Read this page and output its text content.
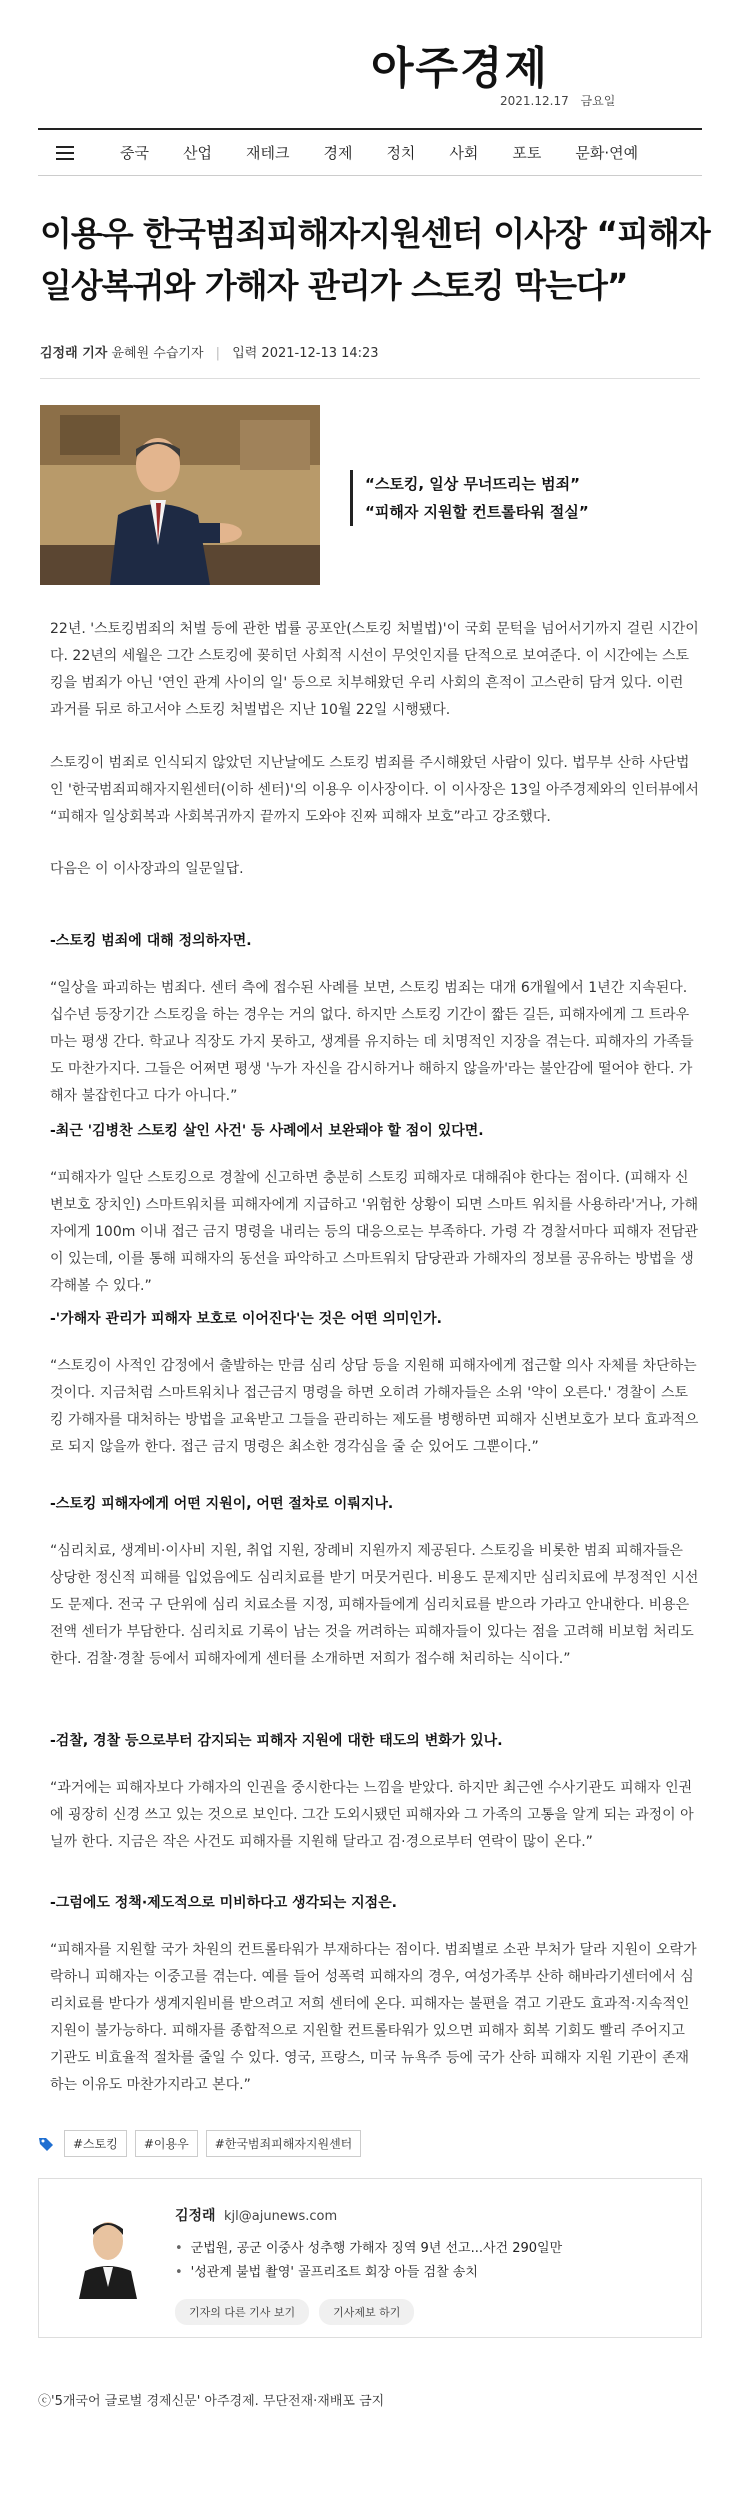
아주경제
2021.12.17 금요일
중국 산업 재테크 경제 정치 사회 포토 문화·연예
이용우 한국범죄피해자지원센터 이사장 “피해자 일상복귀와 가해자 관리가 스토킹 막는다”
김정래 기자 윤혜원 수습기자 | 입력 2021-12-13 14:23
“스토킹, 일상 무너뜨리는 범죄”
“피해자 지원할 컨트롤타워 절실”

22년. '스토킹범죄의 처벌 등에 관한 법률 공포안(스토킹 처벌법)'이 국회 문턱을 넘어서기까지 걸린 시간이다. 22년의 세월은 그간 스토킹에 꽂히던 사회적 시선이 무엇인지를 단적으로 보여준다. 이 시간에는 스토킹을 범죄가 아닌 '연인 관계 사이의 일' 등으로 치부해왔던 우리 사회의 흔적이 고스란히 담겨 있다. 이런 과거를 뒤로 하고서야 스토킹 처벌법은 지난 10월 22일 시행됐다.

스토킹이 범죄로 인식되지 않았던 지난날에도 스토킹 범죄를 주시해왔던 사람이 있다. 법무부 산하 사단법인 '한국범죄피해자지원센터(이하 센터)'의 이용우 이사장이다. 이 이사장은 13일 아주경제와의 인터뷰에서 “피해자 일상회복과 사회복귀까지 끝까지 도와야 진짜 피해자 보호”라고 강조했다.

다음은 이 이사장과의 일문일답.

-스토킹 범죄에 대해 정의하자면.

“일상을 파괴하는 범죄다. 센터 측에 접수된 사례를 보면, 스토킹 범죄는 대개 6개월에서 1년간 지속된다. 십수년 등장기간 스토킹을 하는 경우는 거의 없다. 하지만 스토킹 기간이 짧든 길든, 피해자에게 그 트라우마는 평생 간다. 학교나 직장도 가지 못하고, 생계를 유지하는 데 치명적인 지장을 겪는다. 피해자의 가족들도 마찬가지다. 그들은 어쩌면 평생 '누가 자신을 감시하거나 해하지 않을까'라는 불안감에 떨어야 한다. 가해자 불잡힌다고 다가 아니다.”

-최근 '김병찬 스토킹 살인 사건' 등 사례에서 보완돼야 할 점이 있다면.

“피해자가 일단 스토킹으로 경찰에 신고하면 충분히 스토킹 피해자로 대해줘야 한다는 점이다. (피해자 신변보호 장치인) 스마트워치를 피해자에게 지급하고 '위험한 상황이 되면 스마트 워치를 사용하라'거나, 가해자에게 100m 이내 접근 금지 명령을 내리는 등의 대응으로는 부족하다. 가령 각 경찰서마다 피해자 전담관이 있는데, 이를 통해 피해자의 동선을 파악하고 스마트워치 담당관과 가해자의 정보를 공유하는 방법을 생각해볼 수 있다.”

-'가해자 관리가 피해자 보호로 이어진다'는 것은 어떤 의미인가.

“스토킹이 사적인 감정에서 출발하는 만큼 심리 상담 등을 지원해 피해자에게 접근할 의사 자체를 차단하는 것이다. 지금처럼 스마트워치나 접근금지 명령을 하면 오히려 가해자들은 소위 '약이 오른다.' 경찰이 스토킹 가해자를 대처하는 방법을 교육받고 그들을 관리하는 제도를 병행하면 피해자 신변보호가 보다 효과적으로 되지 않을까 한다. 접근 금지 명령은 최소한 경각심을 줄 순 있어도 그뿐이다.”

-스토킹 피해자에게 어떤 지원이, 어떤 절차로 이뤄지나.

“심리치료, 생계비·이사비 지원, 취업 지원, 장례비 지원까지 제공된다. 스토킹을 비롯한 범죄 피해자들은 상당한 정신적 피해를 입었음에도 심리치료를 받기 머뭇거린다. 비용도 문제지만 심리치료에 부정적인 시선도 문제다. 전국 구 단위에 심리 치료소를 지정, 피해자들에게 심리치료를 받으라 가라고 안내한다. 비용은 전액 센터가 부담한다. 심리치료 기록이 남는 것을 꺼려하는 피해자들이 있다는 점을 고려해 비보험 처리도 한다. 검찰·경찰 등에서 피해자에게 센터를 소개하면 저희가 접수해 처리하는 식이다.”

-검찰, 경찰 등으로부터 감지되는 피해자 지원에 대한 태도의 변화가 있나.

“과거에는 피해자보다 가해자의 인권을 중시한다는 느낌을 받았다. 하지만 최근엔 수사기관도 피해자 인권에 굉장히 신경 쓰고 있는 것으로 보인다. 그간 도외시됐던 피해자와 그 가족의 고통을 알게 되는 과정이 아닐까 한다. 지금은 작은 사건도 피해자를 지원해 달라고 검·경으로부터 연락이 많이 온다.”

-그럼에도 정책·제도적으로 미비하다고 생각되는 지점은.

“피해자를 지원할 국가 차원의 컨트롤타워가 부재하다는 점이다. 범죄별로 소관 부처가 달라 지원이 오락가락하니 피해자는 이중고를 겪는다. 예를 들어 성폭력 피해자의 경우, 여성가족부 산하 해바라기센터에서 심리치료를 받다가 생계지원비를 받으려고 저희 센터에 온다. 피해자는 불편을 겪고 기관도 효과적·지속적인 지원이 불가능하다. 피해자를 종합적으로 지원할 컨트롤타워가 있으면 피해자 회복 기회도 빨리 주어지고 기관도 비효율적 절차를 줄일 수 있다. 영국, 프랑스, 미국 뉴욕주 등에 국가 산하 피해자 지원 기관이 존재하는 이유도 마찬가지라고 본다.”

#스토킹	#이용우	#한국범죄피해자지원센터
김정래 kjl@ajunews.com
• 군법원, 공군 이중사 성추행 가해자 징역 9년 선고...사건 290일만
• '성관계 불법 촬영' 골프리조트 회장 아들 검찰 송치
기자의 다른 기사 보기	기사제보 하기
ⓒ'5개국어 글로벌 경제신문' 아주경제. 무단전재·재배포 금지
